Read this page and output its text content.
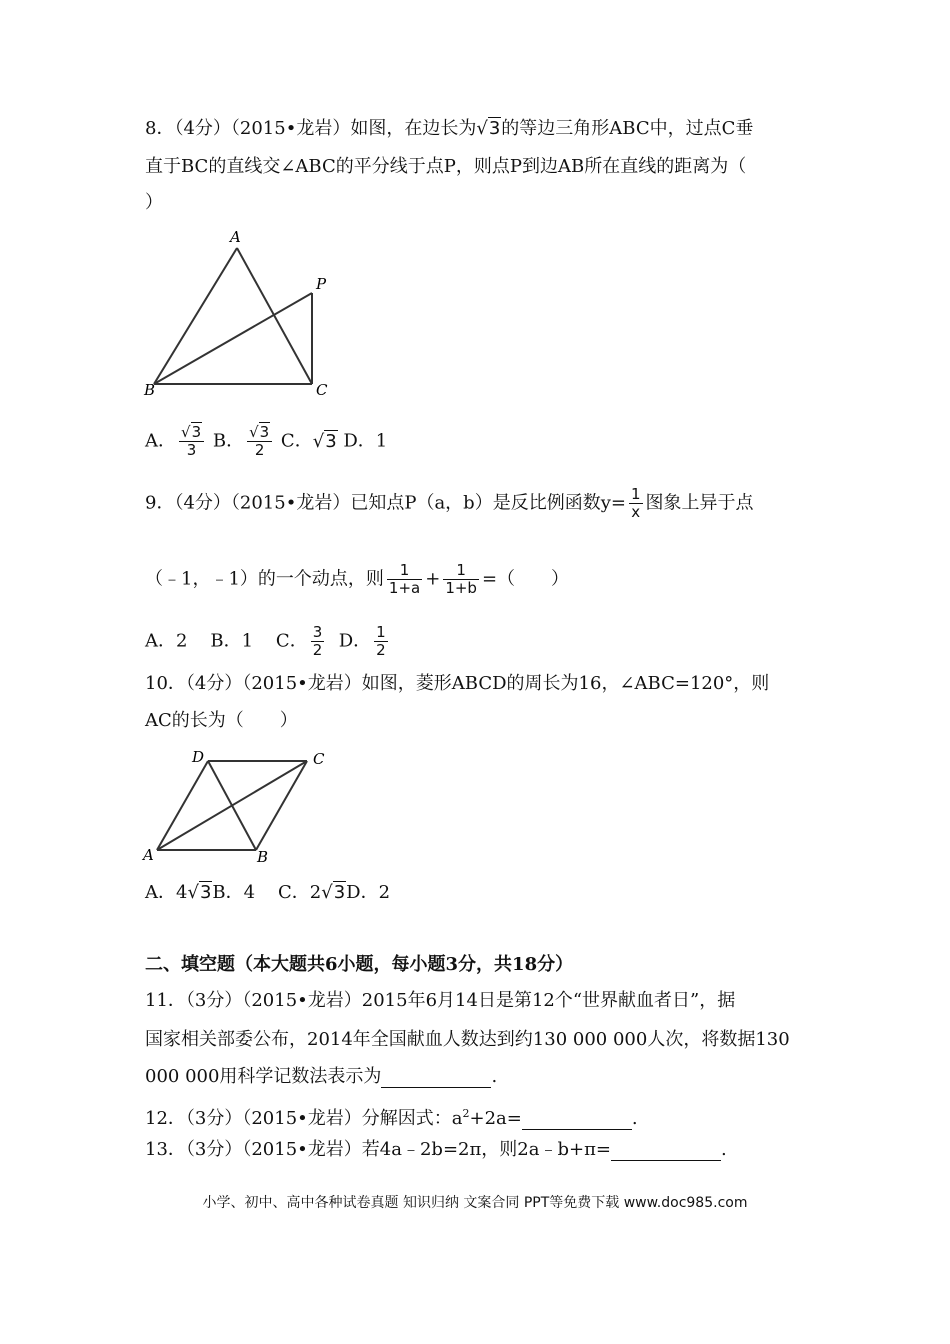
8．（4分）（2015•龙岩）如图，在边长为√3的等边三角形ABC中，过点C垂
直于BC的直线交∠ABC的平分线于点P，则点P到边AB所在直线的距离为（
）
A
P
B	C
A． $\frac{√3}{3}$ B． $\frac{√3}{2}$ C．√3 D．1
9．（4分）（2015•龙岩）已知点P（a，b）是反比例函数$y= \frac{1}{x}$ 图象上异于点
（﹣1，﹣1）的一个动点，则 $\frac{1}{1+a} + \frac{1}{1+b}$ =（　　）
A．2 B．1 C． $\frac{3}{2}$ D． $\frac{1}{2}$
10．（4分）（2015•龙岩）如图，菱形ABCD的周长为16，∠ABC=120°，则
AC的长为（　　）
D	C
A	B
A．4√3B．4 C．2√3D．2
二、填空题（本大题共6小题，每小题3分，共18分）
11．（3分）（2015•龙岩）2015年6月14日是第12个“世界献血者日”，据
国家相关部委公布，2014年全国献血人数达到约130 000 000人次，将数据130
000 000用科学记数法表示为	.
12．（3分）（2015•龙岩）分解因式：$a^2+2a=$	.
13．（3分）（2015•龙岩）若4a﹣2b=2π，则2a﹣b+π=	.
小学、初中、高中各种试卷真题 知识归纳 文案合同 PPT等免费下载 www.doc985.com
